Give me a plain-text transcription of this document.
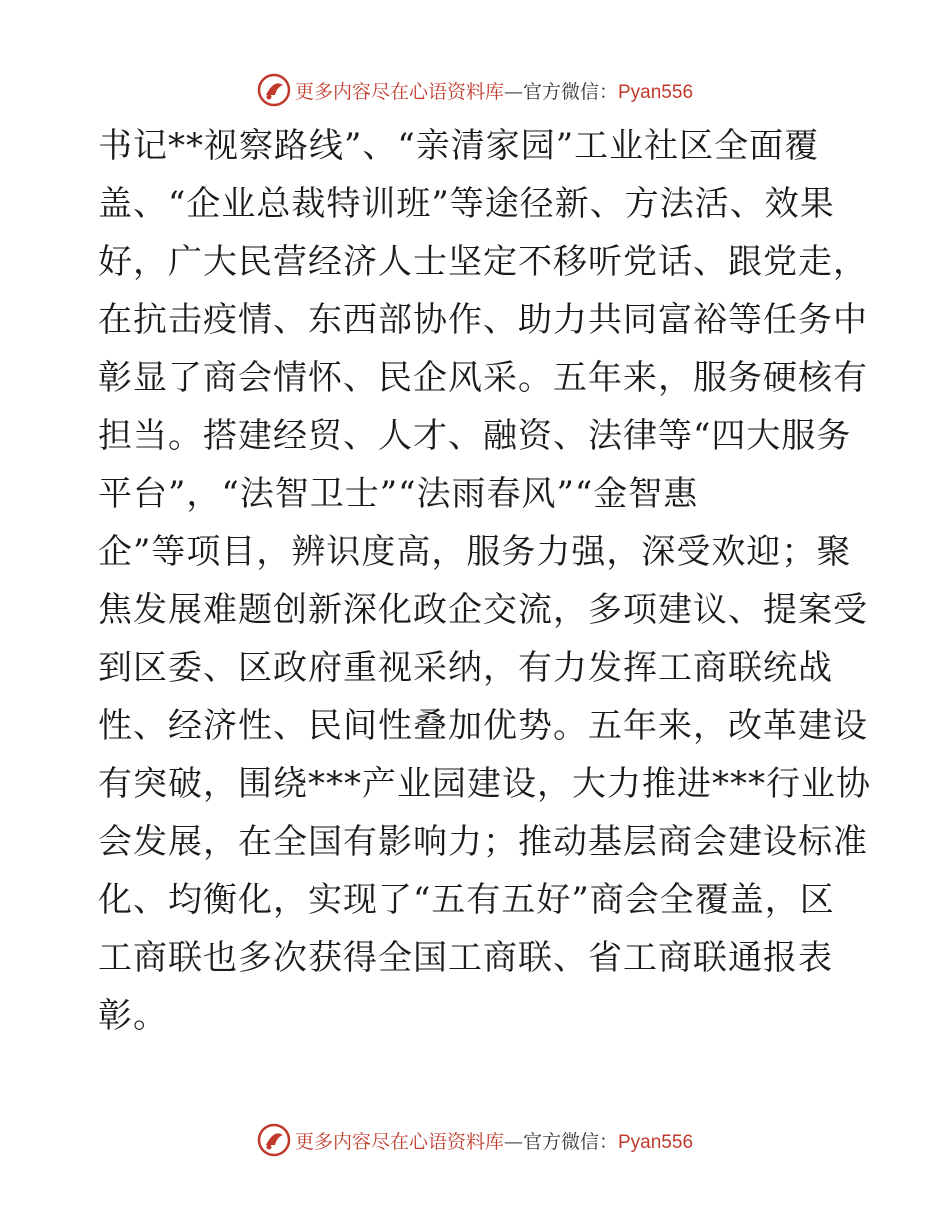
更多内容尽在心语资料库—官方微信：Pyan556
书记**视察路线”、“亲清家园”工业社区全面覆
盖、“企业总裁特训班”等途径新、方法活、效果
好，广大民营经济人士坚定不移听党话、跟党走，
在抗击疫情、东西部协作、助力共同富裕等任务中
彰显了商会情怀、民企风采。五年来，服务硬核有
担当。搭建经贸、人才、融资、法律等“四大服务
平台”，“法智卫士”“法雨春风”“金智惠
企”等项目，辨识度高，服务力强，深受欢迎；聚
焦发展难题创新深化政企交流，多项建议、提案受
到区委、区政府重视采纳，有力发挥工商联统战
性、经济性、民间性叠加优势。五年来，改革建设
有突破，围绕***产业园建设，大力推进***行业协
会发展，在全国有影响力；推动基层商会建设标准
化、均衡化，实现了“五有五好”商会全覆盖，区
工商联也多次获得全国工商联、省工商联通报表
彰。
更多内容尽在心语资料库—官方微信：Pyan556
